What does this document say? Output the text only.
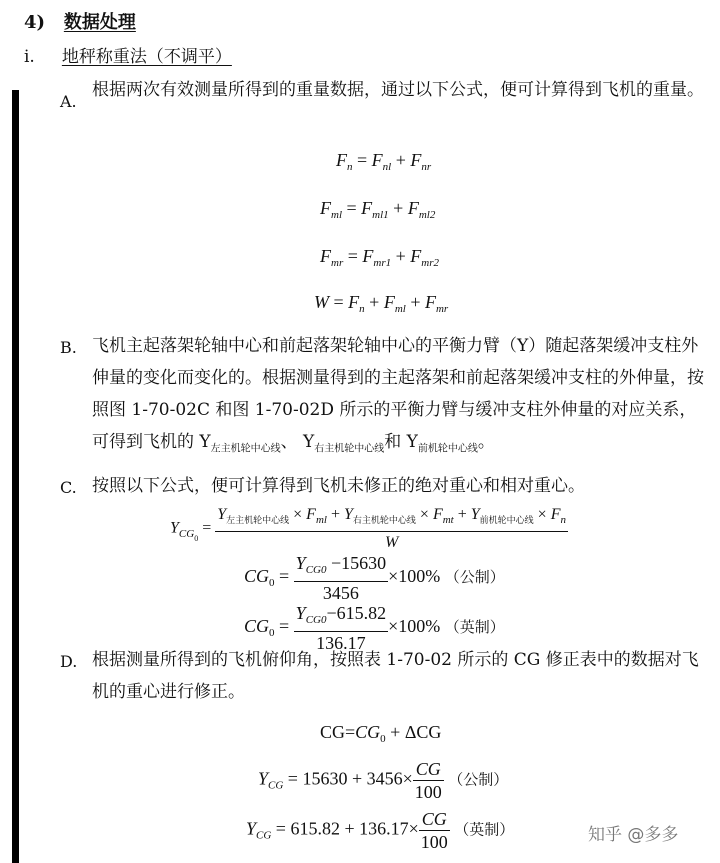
4) 数据处理
i. 地秤称重法（不调平）
A.
根据两次有效测量所得到的重量数据，通过以下公式，便可计算得到飞机的重量。
$F_n = F_{nl} + F_{nr}$
$F_{ml} = F_{ml1} + F_{ml2}$
$F_{mr} = F_{mr1} + F_{mr2}$
$W = F_n + F_{ml} + F_{mr}$
B. 飞机主起落架轮轴中心和前起落架轮轴中心的平衡力臂（Y）随起落架缓冲支柱外伸量的变化而变化的。根据测量得到的主起落架和前起落架缓冲支柱的外伸量，按照图 1-70-02C 和图 1-70-02D 所示的平衡力臂与缓冲支柱外伸量的对应关系，可得到飞机的 $Y_{左主机轮中心线}$、 $Y_{右主机轮中心线}$和 $Y_{前机轮中心线}$。
C. 按照以下公式，便可计算得到飞机未修正的绝对重心和相对重心。
$Y_{CG_0} = \frac{Y_{左主机轮中心线} \times F_{ml} + Y_{右主机轮中心线} \times F_{mt} + Y_{前机轮中心线} \times F_n}{W}$
$CG_0 = \frac{Y_{CG0} -15630}{3456} \times 100\%$ （公制）
$CG_0 = \frac{Y_{CG0}-615.82}{136.17} \times 100\%$ （英制）
D. 根据测量所得到的飞机俯仰角，按照表 1-70-02 所示的 CG 修正表中的数据对飞机的重心进行修正。
$CG=CG_0 + \Delta CG$
$Y_{CG} = 15630 + 3456\times \frac{CG}{100}$ （公制）
$Y_{CG} = 615.82 + 136.17\times \frac{CG}{100}$ （英制）	知乎 @多多
